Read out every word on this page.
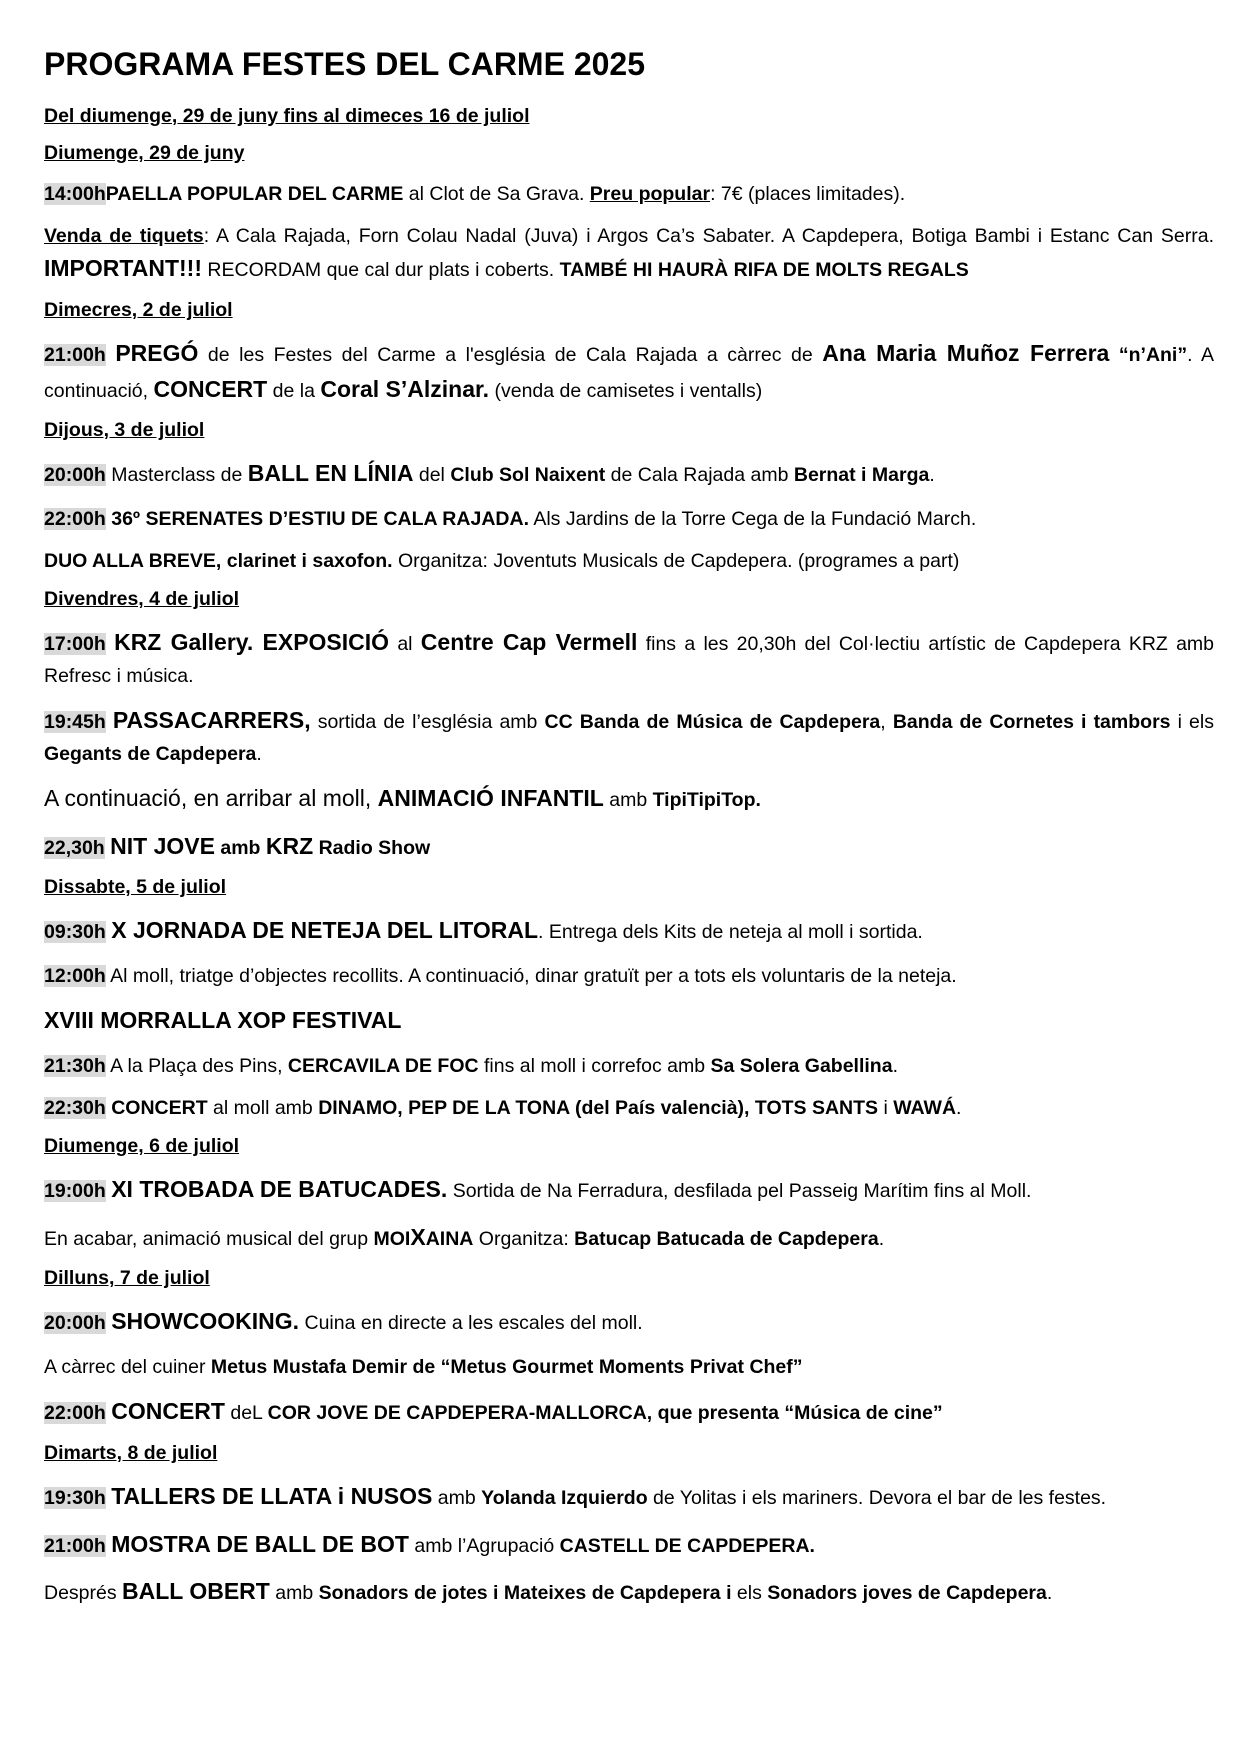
PROGRAMA FESTES DEL CARME 2025
Del diumenge, 29 de juny fins al dimeces 16 de juliol
Diumenge, 29 de juny
14:00hPAELLA POPULAR DEL CARME al Clot de Sa Grava. Preu popular: 7€ (places limitades).
Venda de tiquets: A Cala Rajada, Forn Colau Nadal (Juva) i Argos Ca’s Sabater. A Capdepera, Botiga Bambi i Estanc Can Serra. IMPORTANT!!! RECORDAM que cal dur plats i coberts. TAMBÉ HI HAURÀ RIFA DE MOLTS REGALS
Dimecres, 2 de juliol
21:00h PREGÓ de les Festes del Carme a l'església de Cala Rajada a càrrec de Ana Maria Muñoz Ferrera “n’Ani”. A continuació, CONCERT de la Coral S’Alzinar. (venda de camisetes i ventalls)
Dijous, 3 de juliol
20:00h Masterclass de BALL EN LÍNIA del Club Sol Naixent de Cala Rajada amb Bernat i Marga.
22:00h 36º SERENATES D’ESTIU DE CALA RAJADA. Als Jardins de la Torre Cega de la Fundació March.
DUO ALLA BREVE, clarinet i saxofon. Organitza: Joventuts Musicals de Capdepera. (programes a part)
Divendres, 4 de juliol
17:00h KRZ Gallery. EXPOSICIÓ al Centre Cap Vermell fins a les 20,30h del Col·lectiu artístic de Capdepera KRZ amb Refresc i música.
19:45h PASSACARRERS, sortida de l’església amb CC Banda de Música de Capdepera, Banda de Cornetes i tambors i els Gegants de Capdepera.
A continuació, en arribar al moll, ANIMACIÓ INFANTIL amb TipiTipiTop.
22,30h NIT JOVE amb KRZ Radio Show
Dissabte, 5 de juliol
09:30h X JORNADA DE NETEJA DEL LITORAL. Entrega dels Kits de neteja al moll i sortida.
12:00h Al moll, triatge d’objectes recollits. A continuació, dinar gratuït per a tots els voluntaris de la neteja.
XVIII MORRALLA XOP FESTIVAL
21:30h A la Plaça des Pins, CERCAVILA DE FOC fins al moll i correfoc amb Sa Solera Gabellina.
22:30h CONCERT al moll amb DINAMO, PEP DE LA TONA (del País valencià), TOTS SANTS i WAWÁ.
Diumenge, 6 de juliol
19:00h XI TROBADA DE BATUCADES. Sortida de Na Ferradura, desfilada pel Passeig Marítim fins al Moll.
En acabar, animació musical del grup MOIXAINA Organitza: Batucap Batucada de Capdepera.
Dilluns, 7 de juliol
20:00h SHOWCOOKING. Cuina en directe a les escales del moll.
A càrrec del cuiner Metus Mustafa Demir de “Metus Gourmet Moments Privat Chef”
22:00h CONCERT deL COR JOVE DE CAPDEPERA-MALLORCA, que presenta “Música de cine”
Dimarts, 8 de juliol
19:30h TALLERS DE LLATA i NUSOS amb Yolanda Izquierdo de Yolitas i els mariners. Devora el bar de les festes.
21:00h MOSTRA DE BALL DE BOT amb l’Agrupació CASTELL DE CAPDEPERA.
Després BALL OBERT amb Sonadors de jotes i Mateixes de Capdepera i els Sonadors joves de Capdepera.
